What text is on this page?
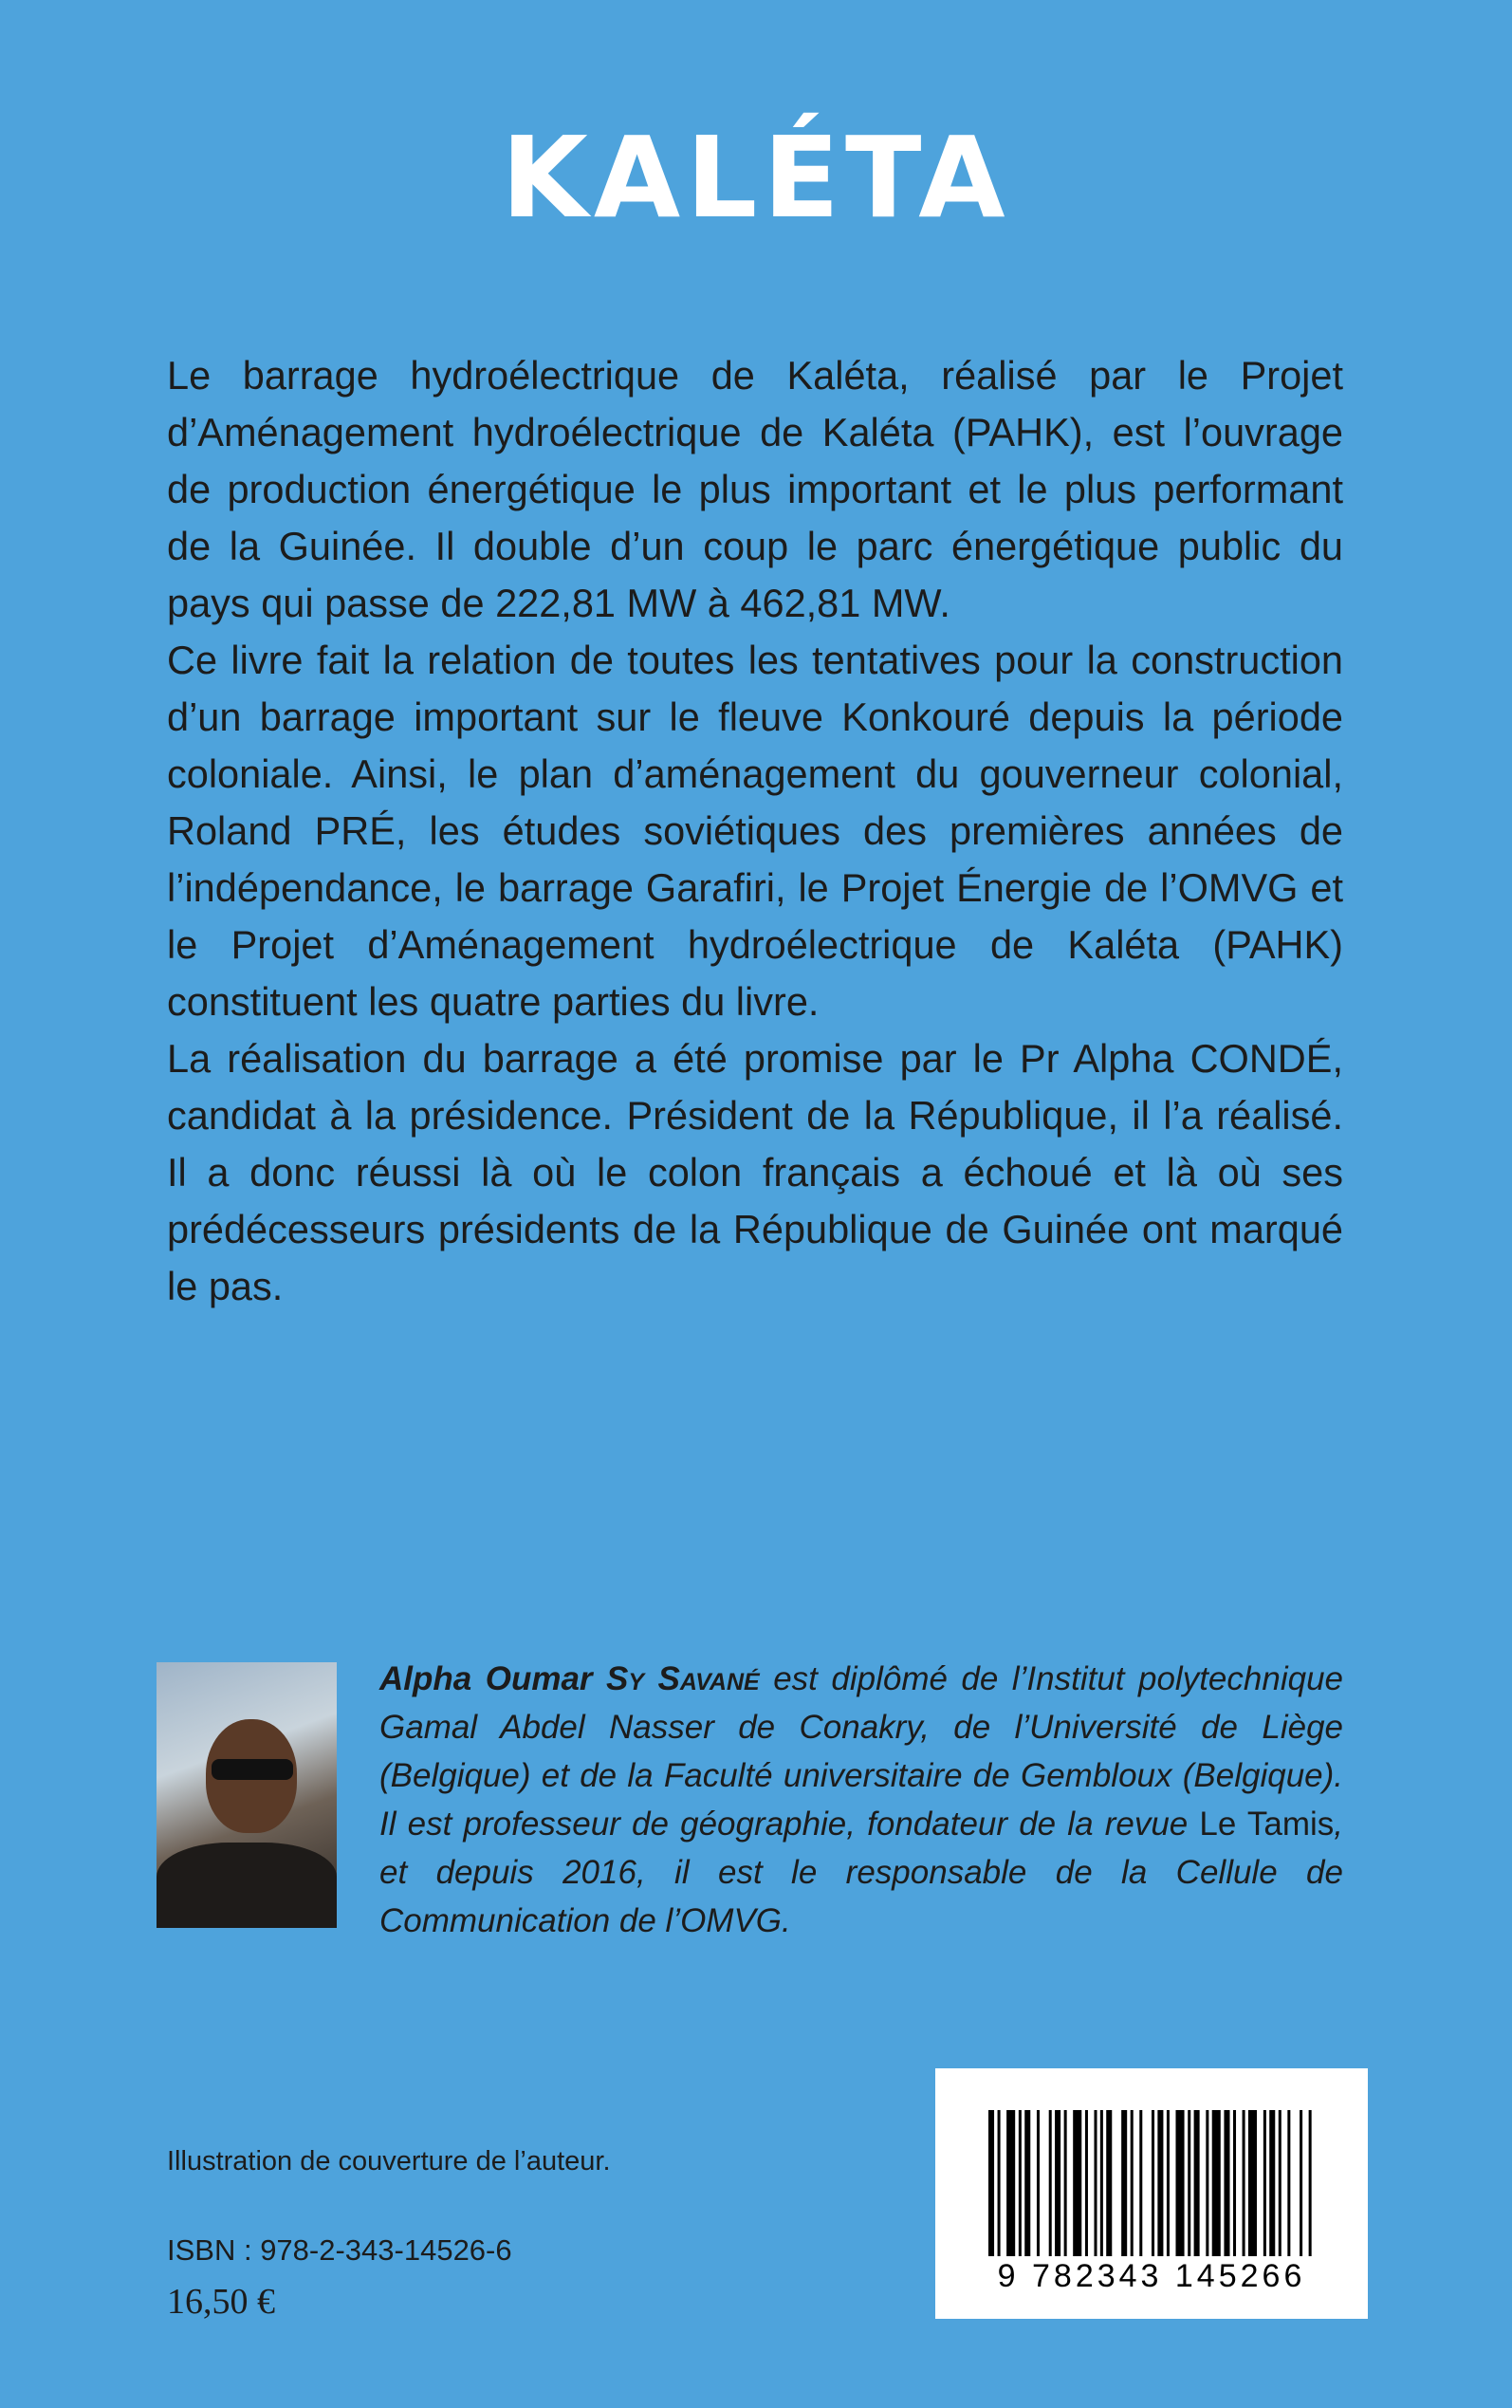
KALÉTA

Le barrage hydroélectrique de Kaléta, réalisé par le Projet d’Aménagement hydroélectrique de Kaléta (PAHK), est l’ouvrage de production énergétique le plus important et le plus performant de la Guinée. Il double d’un coup le parc énergétique public du pays qui passe de 222,81 MW à 462,81 MW.

Ce livre fait la relation de toutes les tentatives pour la construction d’un barrage important sur le fleuve Konkouré depuis la période coloniale. Ainsi, le plan d’aménagement du gouverneur colonial, Roland PRÉ, les études soviétiques des premières années de l’indépendance, le barrage Garafiri, le Projet Énergie de l’OMVG et le Projet d’Aménagement hydroélectrique de Kaléta (PAHK) constituent les quatre parties du livre.

La réalisation du barrage a été promise par le Pr Alpha CONDÉ, candidat à la présidence. Président de la République, il l’a réalisé. Il a donc réussi là où le colon français a échoué et là où ses prédécesseurs présidents de la République de Guinée ont marqué le pas.

Alpha Oumar Sy Savané est diplômé de l’Institut polytechnique Gamal Abdel Nasser de Conakry, de l’Université de Liège (Belgique) et de la Faculté universitaire de Gembloux (Belgique). Il est professeur de géographie, fondateur de la revue Le Tamis, et depuis 2016, il est le responsable de la Cellule de Communication de l’OMVG.
Illustration de couverture de l’auteur.
ISBN : 978-2-343-14526-6
16,50 €
9 782343 145266
